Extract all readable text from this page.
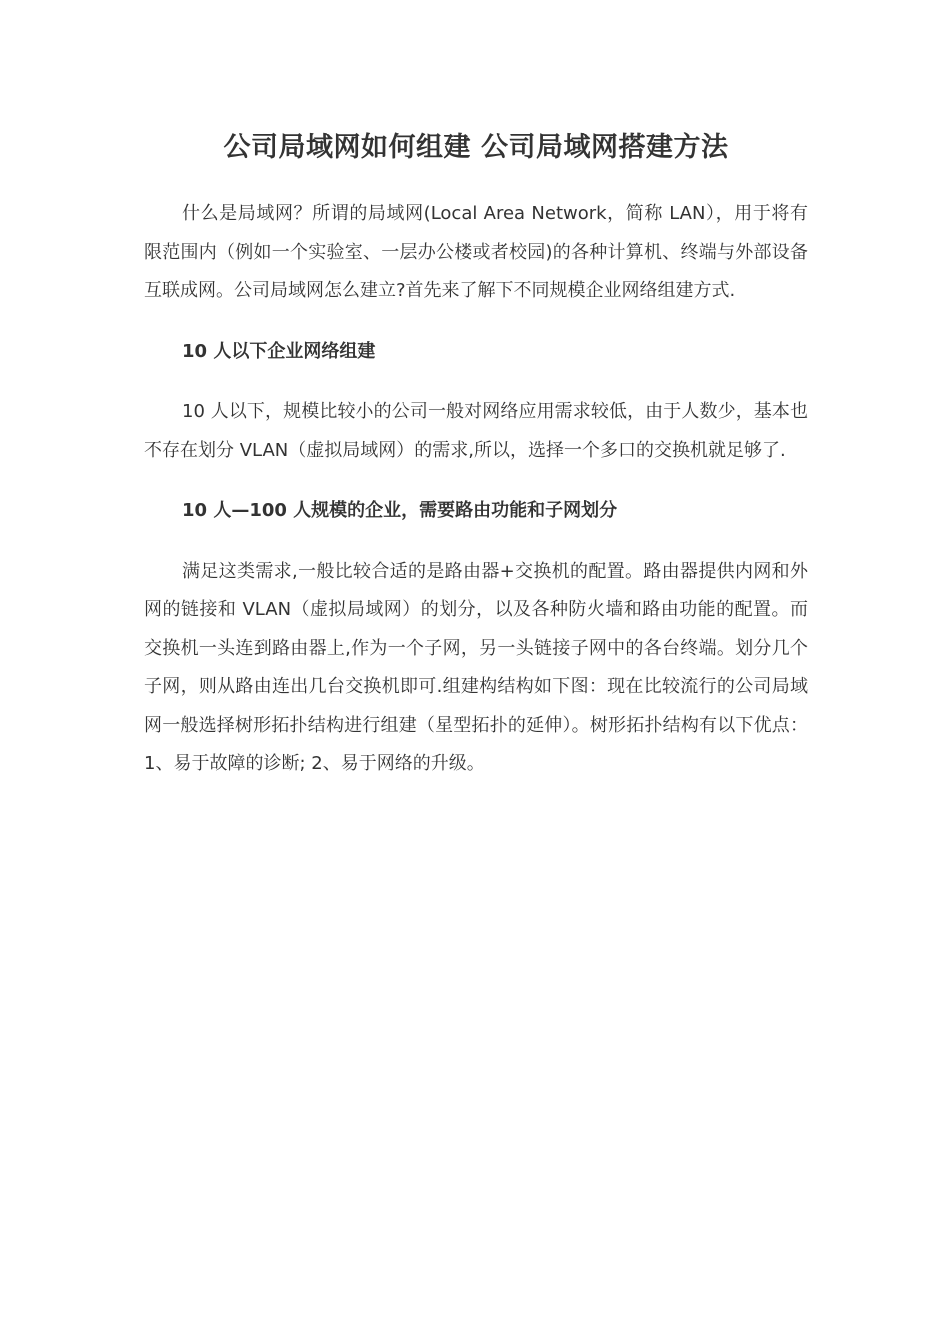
公司局域网如何组建 公司局域网搭建方法

什么是局域网？所谓的局域网(Local Area Network，简称 LAN），用于将有限范围内（例如一个实验室、一层办公楼或者校园)的各种计算机、终端与外部设备互联成网。公司局域网怎么建立?首先来了解下不同规模企业网络组建方式.

10 人以下企业网络组建

10 人以下，规模比较小的公司一般对网络应用需求较低，由于人数少，基本也不存在划分 VLAN（虚拟局域网）的需求,所以，选择一个多口的交换机就足够了.

10 人—100 人规模的企业，需要路由功能和子网划分

满足这类需求,一般比较合适的是路由器+交换机的配置。路由器提供内网和外网的链接和 VLAN（虚拟局域网）的划分，以及各种防火墙和路由功能的配置。而交换机一头连到路由器上,作为一个子网，另一头链接子网中的各台终端。划分几个子网，则从路由连出几台交换机即可.组建构结构如下图：现在比较流行的公司局域网一般选择树形拓扑结构进行组建（星型拓扑的延伸）。树形拓扑结构有以下优点：1、易于故障的诊断; 2、易于网络的升级。
